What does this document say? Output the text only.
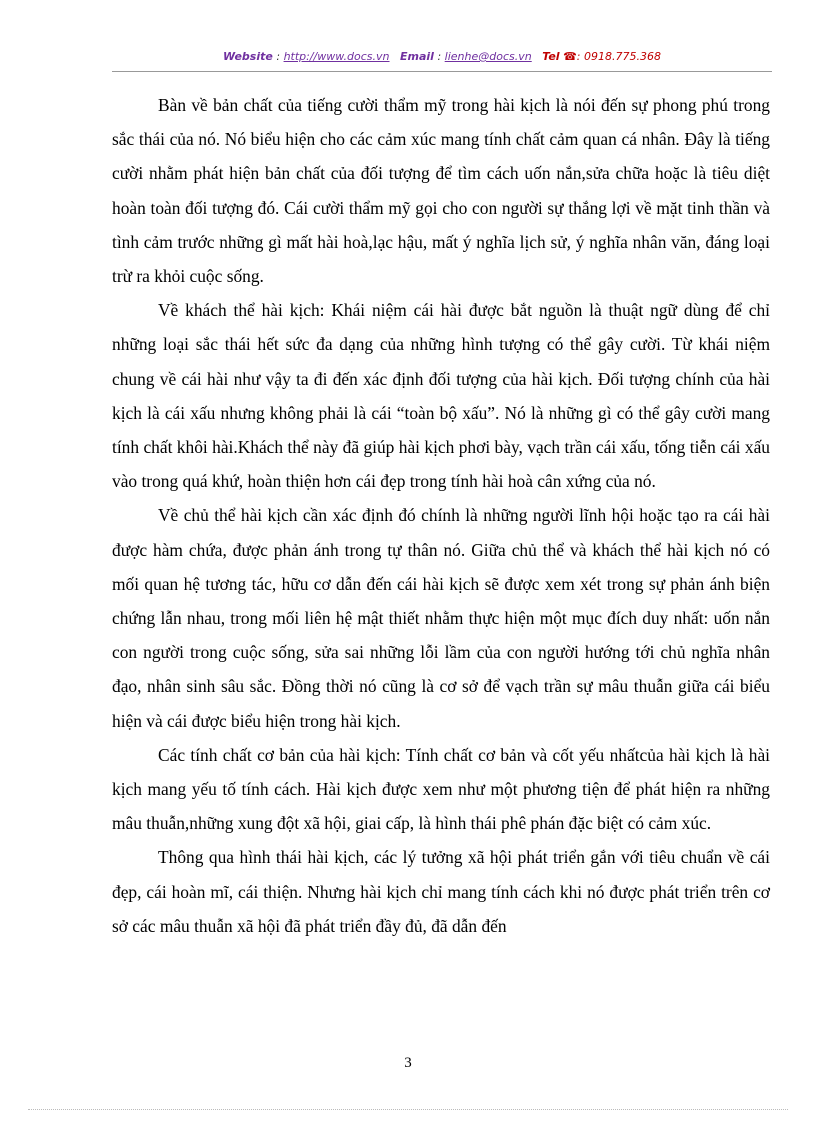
Website : http://www.docs.vn Email : lienhe@docs.vn Tel ☎: 0918.775.368

Bàn về bản chất của tiếng cười thẩm mỹ trong hài kịch là nói đến sự phong phú trong sắc thái của nó. Nó biểu hiện cho các cảm xúc mang tính chất cảm quan cá nhân. Đây là tiếng cười nhằm phát hiện bản chất của đối tượng để tìm cách uốn nắn,sửa chữa hoặc là tiêu diệt hoàn toàn đối tượng đó. Cái cười thẩm mỹ gọi cho con người sự thắng lợi về mặt tinh thần và tình cảm trước những gì mất hài hoà,lạc hậu, mất ý nghĩa lịch sử, ý nghĩa nhân văn, đáng loại trừ ra khỏi cuộc sống.

Về khách thể hài kịch: Khái niệm cái hài được bắt nguồn là thuật ngữ dùng để chỉ những loại sắc thái hết sức đa dạng của những hình tượng có thể gây cười. Từ khái niệm chung về cái hài như vậy ta đi đến xác định đối tượng của hài kịch. Đối tượng chính của hài kịch là cái xấu nhưng không phải là cái “toàn bộ xấu”. Nó là những gì có thể gây cười mang tính chất khôi hài.Khách thể này đã giúp hài kịch phơi bày, vạch trần cái xấu, tống tiễn cái xấu vào trong quá khứ, hoàn thiện hơn cái đẹp trong tính hài hoà cân xứng của nó.

Về chủ thể hài kịch cần xác định đó chính là những người lĩnh hội hoặc tạo ra cái hài được hàm chứa, được phản ánh trong tự thân nó. Giữa chủ thể và khách thể hài kịch nó có mối quan hệ tương tác, hữu cơ dẫn đến cái hài kịch sẽ được xem xét trong sự phản ánh biện chứng lẫn nhau, trong mối liên hệ mật thiết nhằm thực hiện một mục đích duy nhất: uốn nắn con người trong cuộc sống, sửa sai những lỗi lầm của con người hướng tới chủ nghĩa nhân đạo, nhân sinh sâu sắc. Đồng thời nó cũng là cơ sở để vạch trần sự mâu thuẫn giữa cái biểu hiện và cái được biểu hiện trong hài kịch.

Các tính chất cơ bản của hài kịch: Tính chất cơ bản và cốt yếu nhấtcủa hài kịch là hài kịch mang yếu tố tính cách. Hài kịch được xem như một phương tiện để phát hiện ra những mâu thuẫn,những xung đột xã hội, giai cấp, là hình thái phê phán đặc biệt có cảm xúc.

Thông qua hình thái hài kịch, các lý tưởng xã hội phát triển gắn với tiêu chuẩn về cái đẹp, cái hoàn mĩ, cái thiện. Nhưng hài kịch chỉ mang tính cách khi nó được phát triển trên cơ sở các mâu thuẫn xã hội đã phát triển đầy đủ, đã dẫn đến

3
